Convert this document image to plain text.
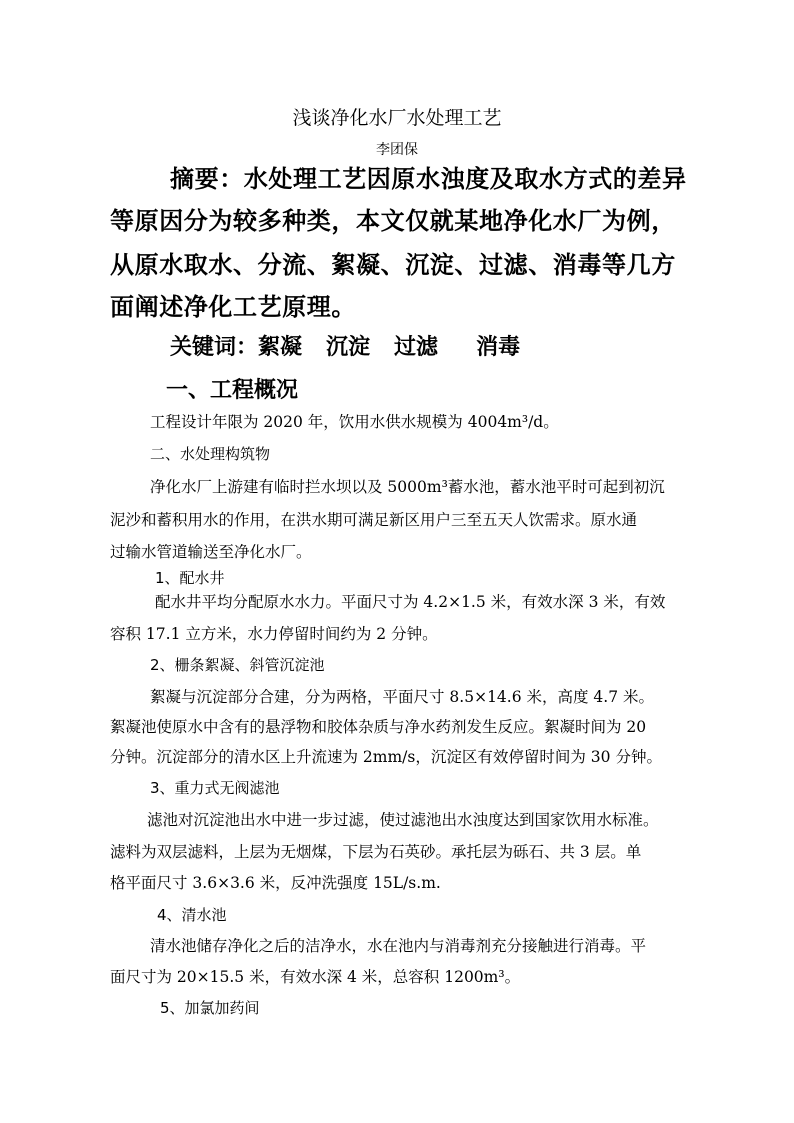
浅谈净化水厂水处理工艺
李团保
摘要：水处理工艺因原水浊度及取水方式的差异
等原因分为较多种类，本文仅就某地净化水厂为例，
从原水取水、分流、絮凝、沉淀、过滤、消毒等几方
面阐述净化工艺原理。
关键词：絮凝 沉淀 过滤 消毒
一、工程概况
工程设计年限为 2020 年，饮用水供水规模为 4004m³/d。
二、水处理构筑物
净化水厂上游建有临时拦水坝以及 5000m³蓄水池，蓄水池平时可起到初沉
泥沙和蓄积用水的作用，在洪水期可满足新区用户三至五天人饮需求。原水通
过输水管道输送至净化水厂。
1、配水井
配水井平均分配原水水力。平面尺寸为 4.2×1.5 米，有效水深 3 米，有效
容积 17.1 立方米，水力停留时间约为 2 分钟。
2、栅条絮凝、斜管沉淀池
絮凝与沉淀部分合建，分为两格，平面尺寸 8.5×14.6 米，高度 4.7 米。
絮凝池使原水中含有的悬浮物和胶体杂质与净水药剂发生反应。絮凝时间为 20
分钟。沉淀部分的清水区上升流速为 2mm/s，沉淀区有效停留时间为 30 分钟。
3、重力式无阀滤池
滤池对沉淀池出水中进一步过滤，使过滤池出水浊度达到国家饮用水标准。
滤料为双层滤料，上层为无烟煤，下层为石英砂。承托层为砾石、共 3 层。单
格平面尺寸 3.6×3.6 米，反冲洗强度 15L/s.m.
4、清水池
清水池储存净化之后的洁净水，水在池内与消毒剂充分接触进行消毒。平
面尺寸为 20×15.5 米，有效水深 4 米，总容积 1200m³。
5、加氯加药间
